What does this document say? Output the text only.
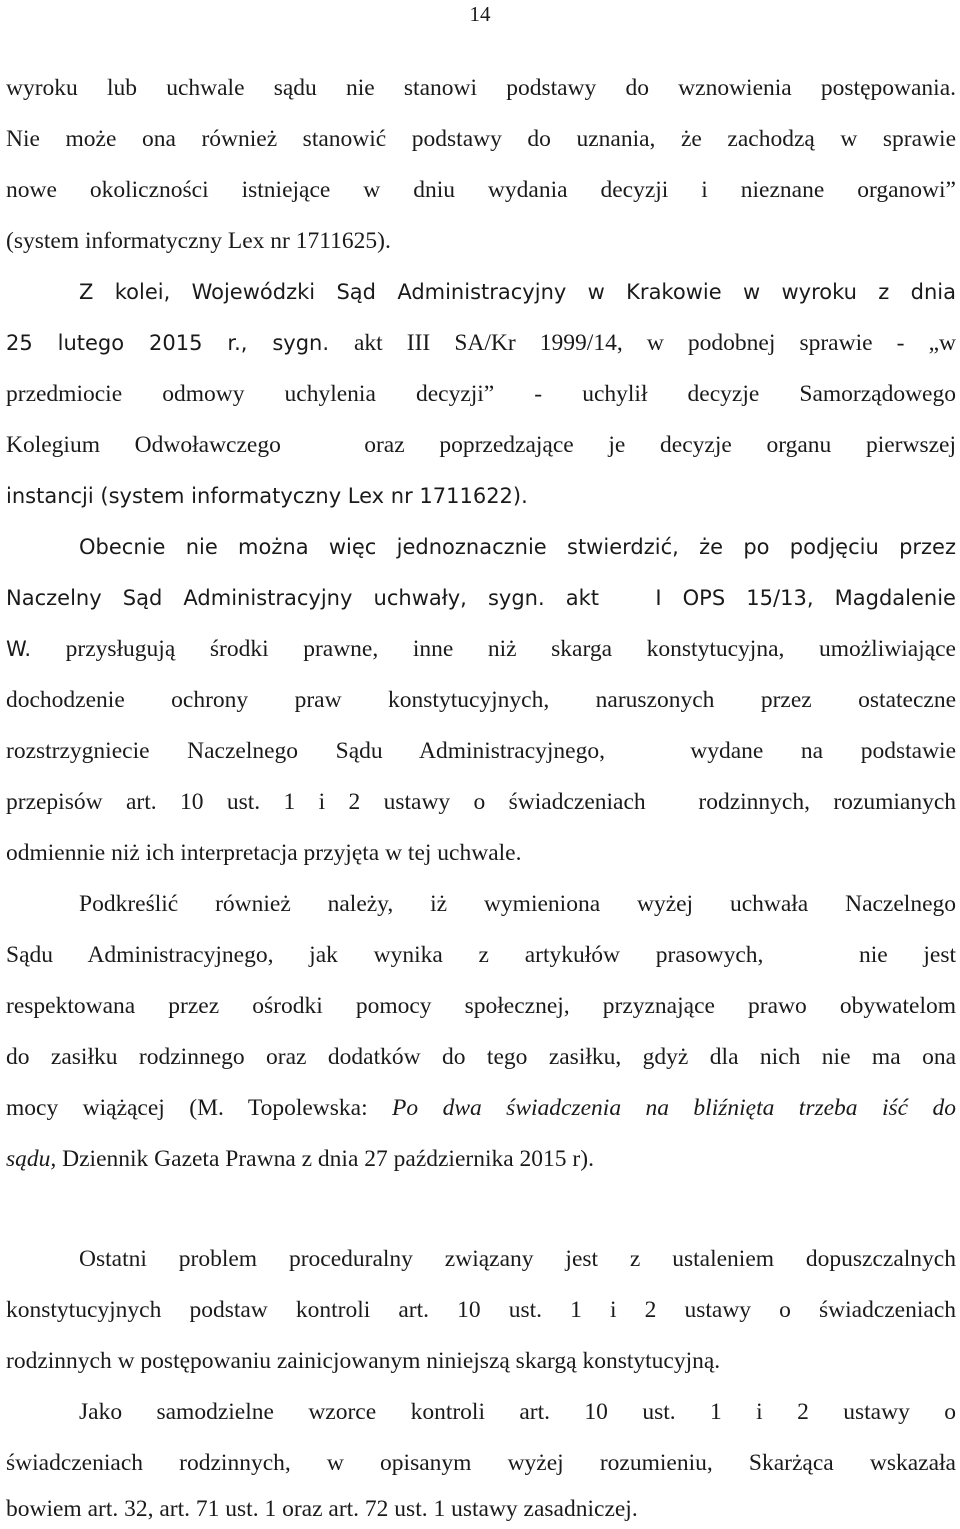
14
wyroku lub uchwale sądu nie stanowi podstawy do wznowienia postępowania.
Nie może ona również stanowić podstawy do uznania, że zachodzą w sprawie
nowe okoliczności istniejące w dniu wydania decyzji i nieznane organowi”
(system informatyczny Lex nr 1711625).
Z kolei, Wojewódzki Sąd Administracyjny w Krakowie w wyroku z dnia
25 lutego 2015 r., sygn. akt III SA/Kr 1999/14, w podobnej sprawie - „w
przedmiocie odmowy uchylenia decyzji” - uchylił decyzje Samorządowego
Kolegium Odwoławczego	oraz poprzedzające je decyzje organu pierwszej
instancji (system informatyczny Lex nr 1711622).
Obecnie nie można więc jednoznacznie stwierdzić, że po podjęciu przez
Naczelny Sąd Administracyjny uchwały, sygn. akt	I OPS 15/13, Magdalenie
W. przysługują środki prawne, inne niż skarga konstytucyjna, umożliwiające
dochodzenie ochrony praw konstytucyjnych, naruszonych przez ostateczne
rozstrzygniecie Naczelnego Sądu Administracyjnego,	wydane na podstawie
przepisów art. 10 ust. 1 i 2 ustawy o świadczeniach rodzinnych, rozumianych
odmiennie niż ich interpretacja przyjęta w tej uchwale.
Podkreślić również należy, iż wymieniona wyżej uchwała Naczelnego
Sądu Administracyjnego, jak wynika z artykułów prasowych,	nie jest
respektowana przez ośrodki pomocy społecznej, przyznające prawo obywatelom
do zasiłku rodzinnego oraz dodatków do tego zasiłku, gdyż dla nich nie ma ona
mocy wiążącej (M. Topolewska: Po dwa świadczenia na bliźnięta trzeba iść do
sądu, Dziennik Gazeta Prawna z dnia 27 października 2015 r).
Ostatni problem proceduralny związany jest z ustaleniem dopuszczalnych
konstytucyjnych podstaw kontroli art. 10 ust. 1 i 2 ustawy o świadczeniach
rodzinnych w postępowaniu zainicjowanym niniejszą skargą konstytucyjną.
Jako samodzielne wzorce kontroli art. 10 ust. 1 i 2 ustawy o
świadczeniach rodzinnych, w opisanym wyżej rozumieniu, Skarżąca wskazała
bowiem art. 32, art. 71 ust. 1 oraz art. 72 ust. 1 ustawy zasadniczej.
